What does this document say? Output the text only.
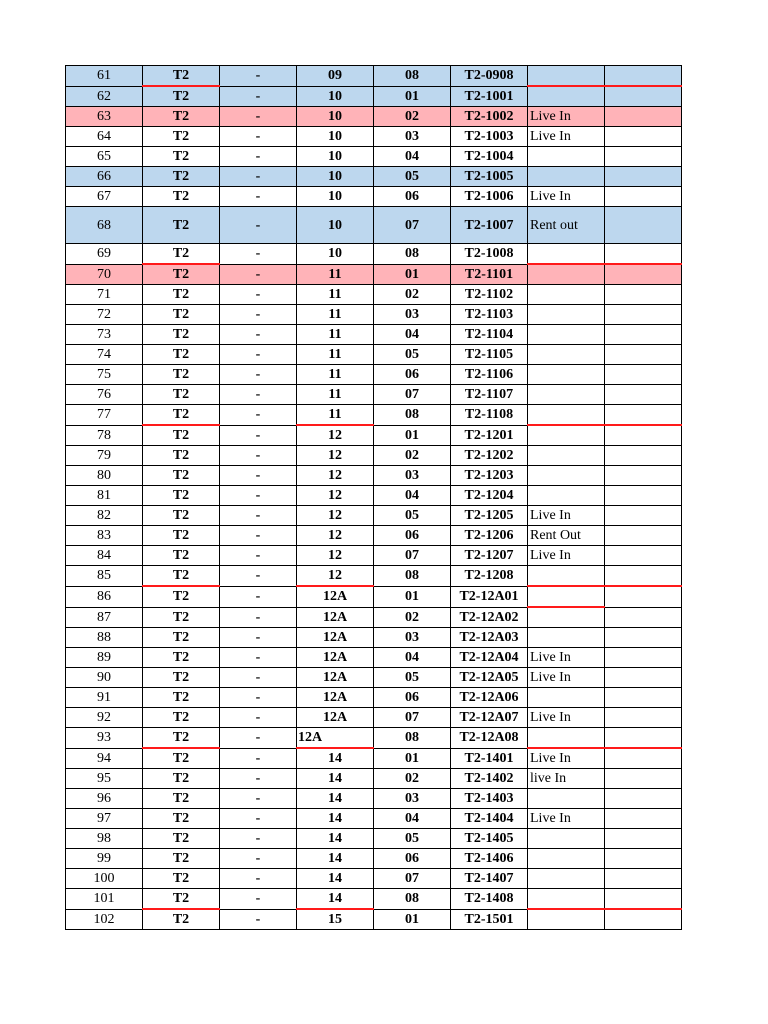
61	T2	-	09	08	T2-0908		
62	T2	-	10	01	T2-1001		
63	T2	-	10	02	T2-1002	Live In	
64	T2	-	10	03	T2-1003	Live In	
65	T2	-	10	04	T2-1004		
66	T2	-	10	05	T2-1005		
67	T2	-	10	06	T2-1006	Live In	
68	T2	-	10	07	T2-1007	Rent out	
69	T2	-	10	08	T2-1008		
70	T2	-	11	01	T2-1101		
71	T2	-	11	02	T2-1102		
72	T2	-	11	03	T2-1103		
73	T2	-	11	04	T2-1104		
74	T2	-	11	05	T2-1105		
75	T2	-	11	06	T2-1106		
76	T2	-	11	07	T2-1107		
77	T2	-	11	08	T2-1108		
78	T2	-	12	01	T2-1201		
79	T2	-	12	02	T2-1202		
80	T2	-	12	03	T2-1203		
81	T2	-	12	04	T2-1204		
82	T2	-	12	05	T2-1205	Live In	
83	T2	-	12	06	T2-1206	Rent Out	
84	T2	-	12	07	T2-1207	Live In	
85	T2	-	12	08	T2-1208		
86	T2	-	12A	01	T2-12A01		
87	T2	-	12A	02	T2-12A02		
88	T2	-	12A	03	T2-12A03		
89	T2	-	12A	04	T2-12A04	Live In	
90	T2	-	12A	05	T2-12A05	Live In	
91	T2	-	12A	06	T2-12A06		
92	T2	-	12A	07	T2-12A07	Live In	
93	T2	-	12A	08	T2-12A08		
94	T2	-	14	01	T2-1401	Live In	
95	T2	-	14	02	T2-1402	live In	
96	T2	-	14	03	T2-1403		
97	T2	-	14	04	T2-1404	Live In	
98	T2	-	14	05	T2-1405		
99	T2	-	14	06	T2-1406		
100	T2	-	14	07	T2-1407		
101	T2	-	14	08	T2-1408		
102	T2	-	15	01	T2-1501		
